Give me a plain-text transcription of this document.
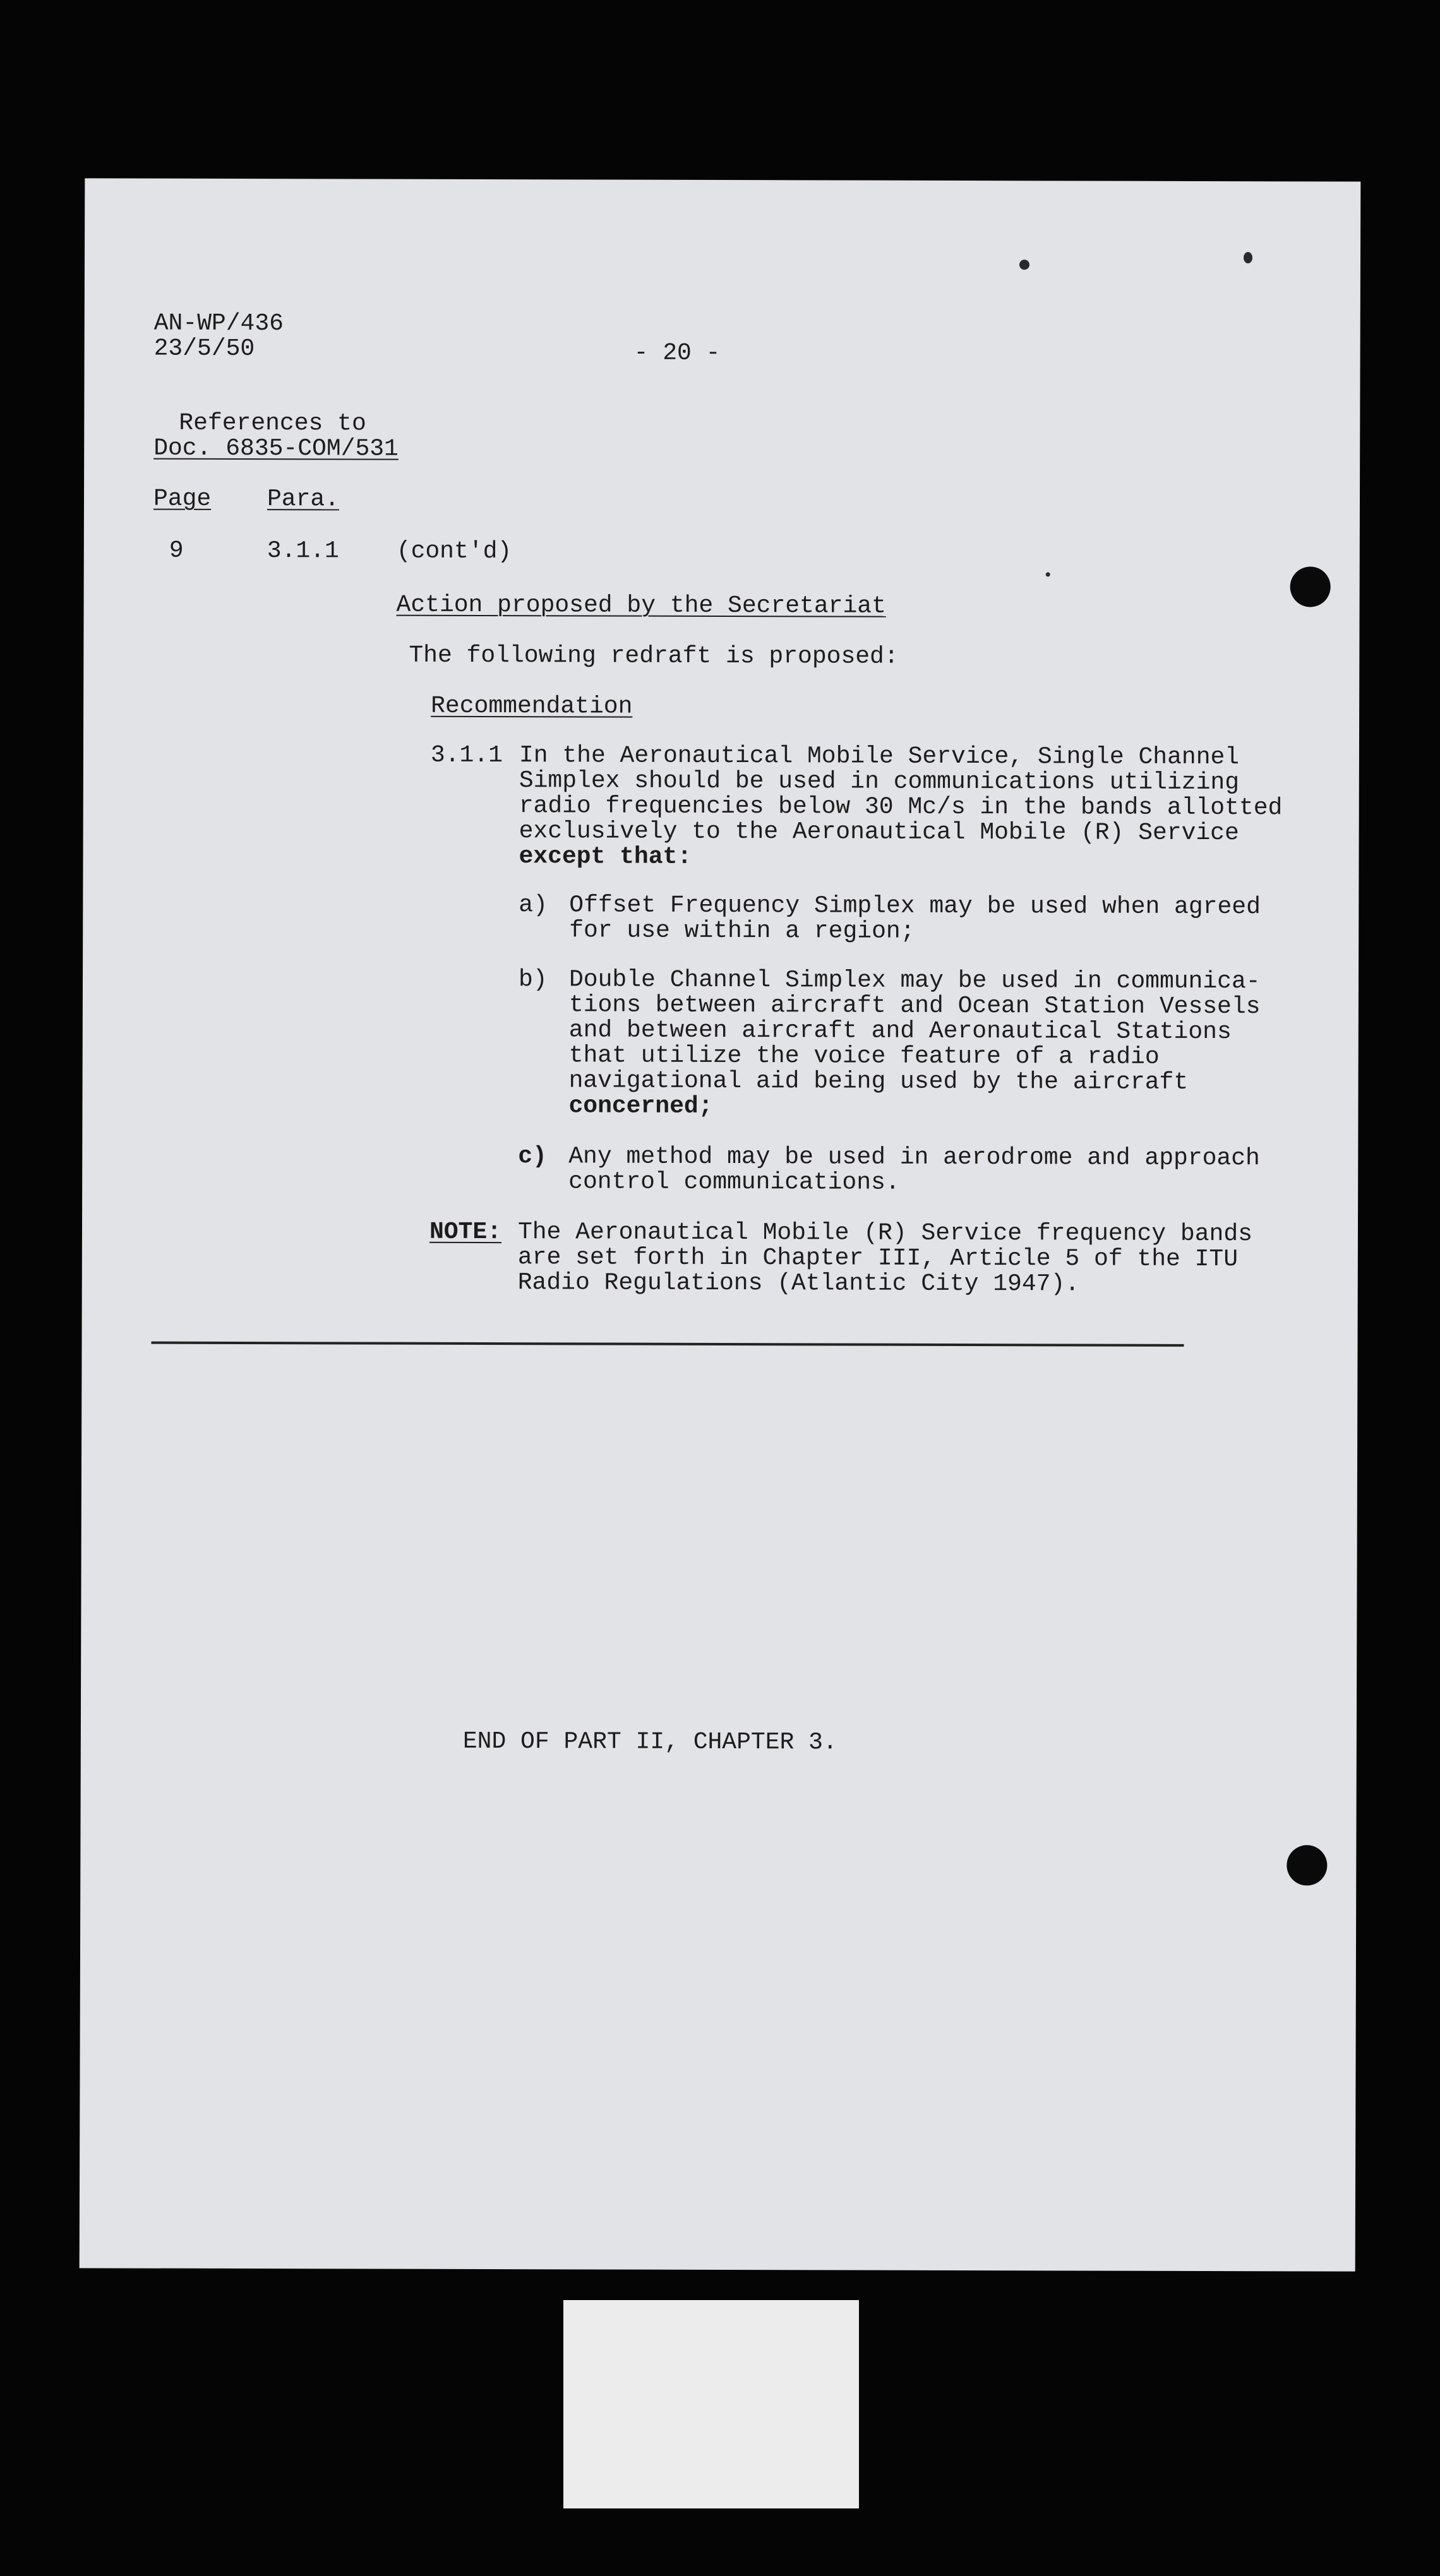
AN-WP/436
23/5/50	- 20 -
References to
Doc. 6835-COM/531
Page Para.
9	3.1.1 (cont'd)
Action proposed by the Secretariat
The following redraft is proposed:
Recommendation
3.1.1 In the Aeronautical Mobile Service, Single Channel
Simplex should be used in communications utilizing
radio frequencies below 30 Mc/s in the bands allotted
exclusively to the Aeronautical Mobile (R) Service
except that:
a) Offset Frequency Simplex may be used when agreed
for use within a region;
b) Double Channel Simplex may be used in communica-
tions between aircraft and Ocean Station Vessels
and between aircraft and Aeronautical Stations
that utilize the voice feature of a radio
navigational aid being used by the aircraft
concerned;
c) Any method may be used in aerodrome and approach
control communications.
NOTE: The Aeronautical Mobile (R) Service frequency bands
are set forth in Chapter III, Article 5 of the ITU
Radio Regulations (Atlantic City 1947).
END OF PART II, CHAPTER 3.
